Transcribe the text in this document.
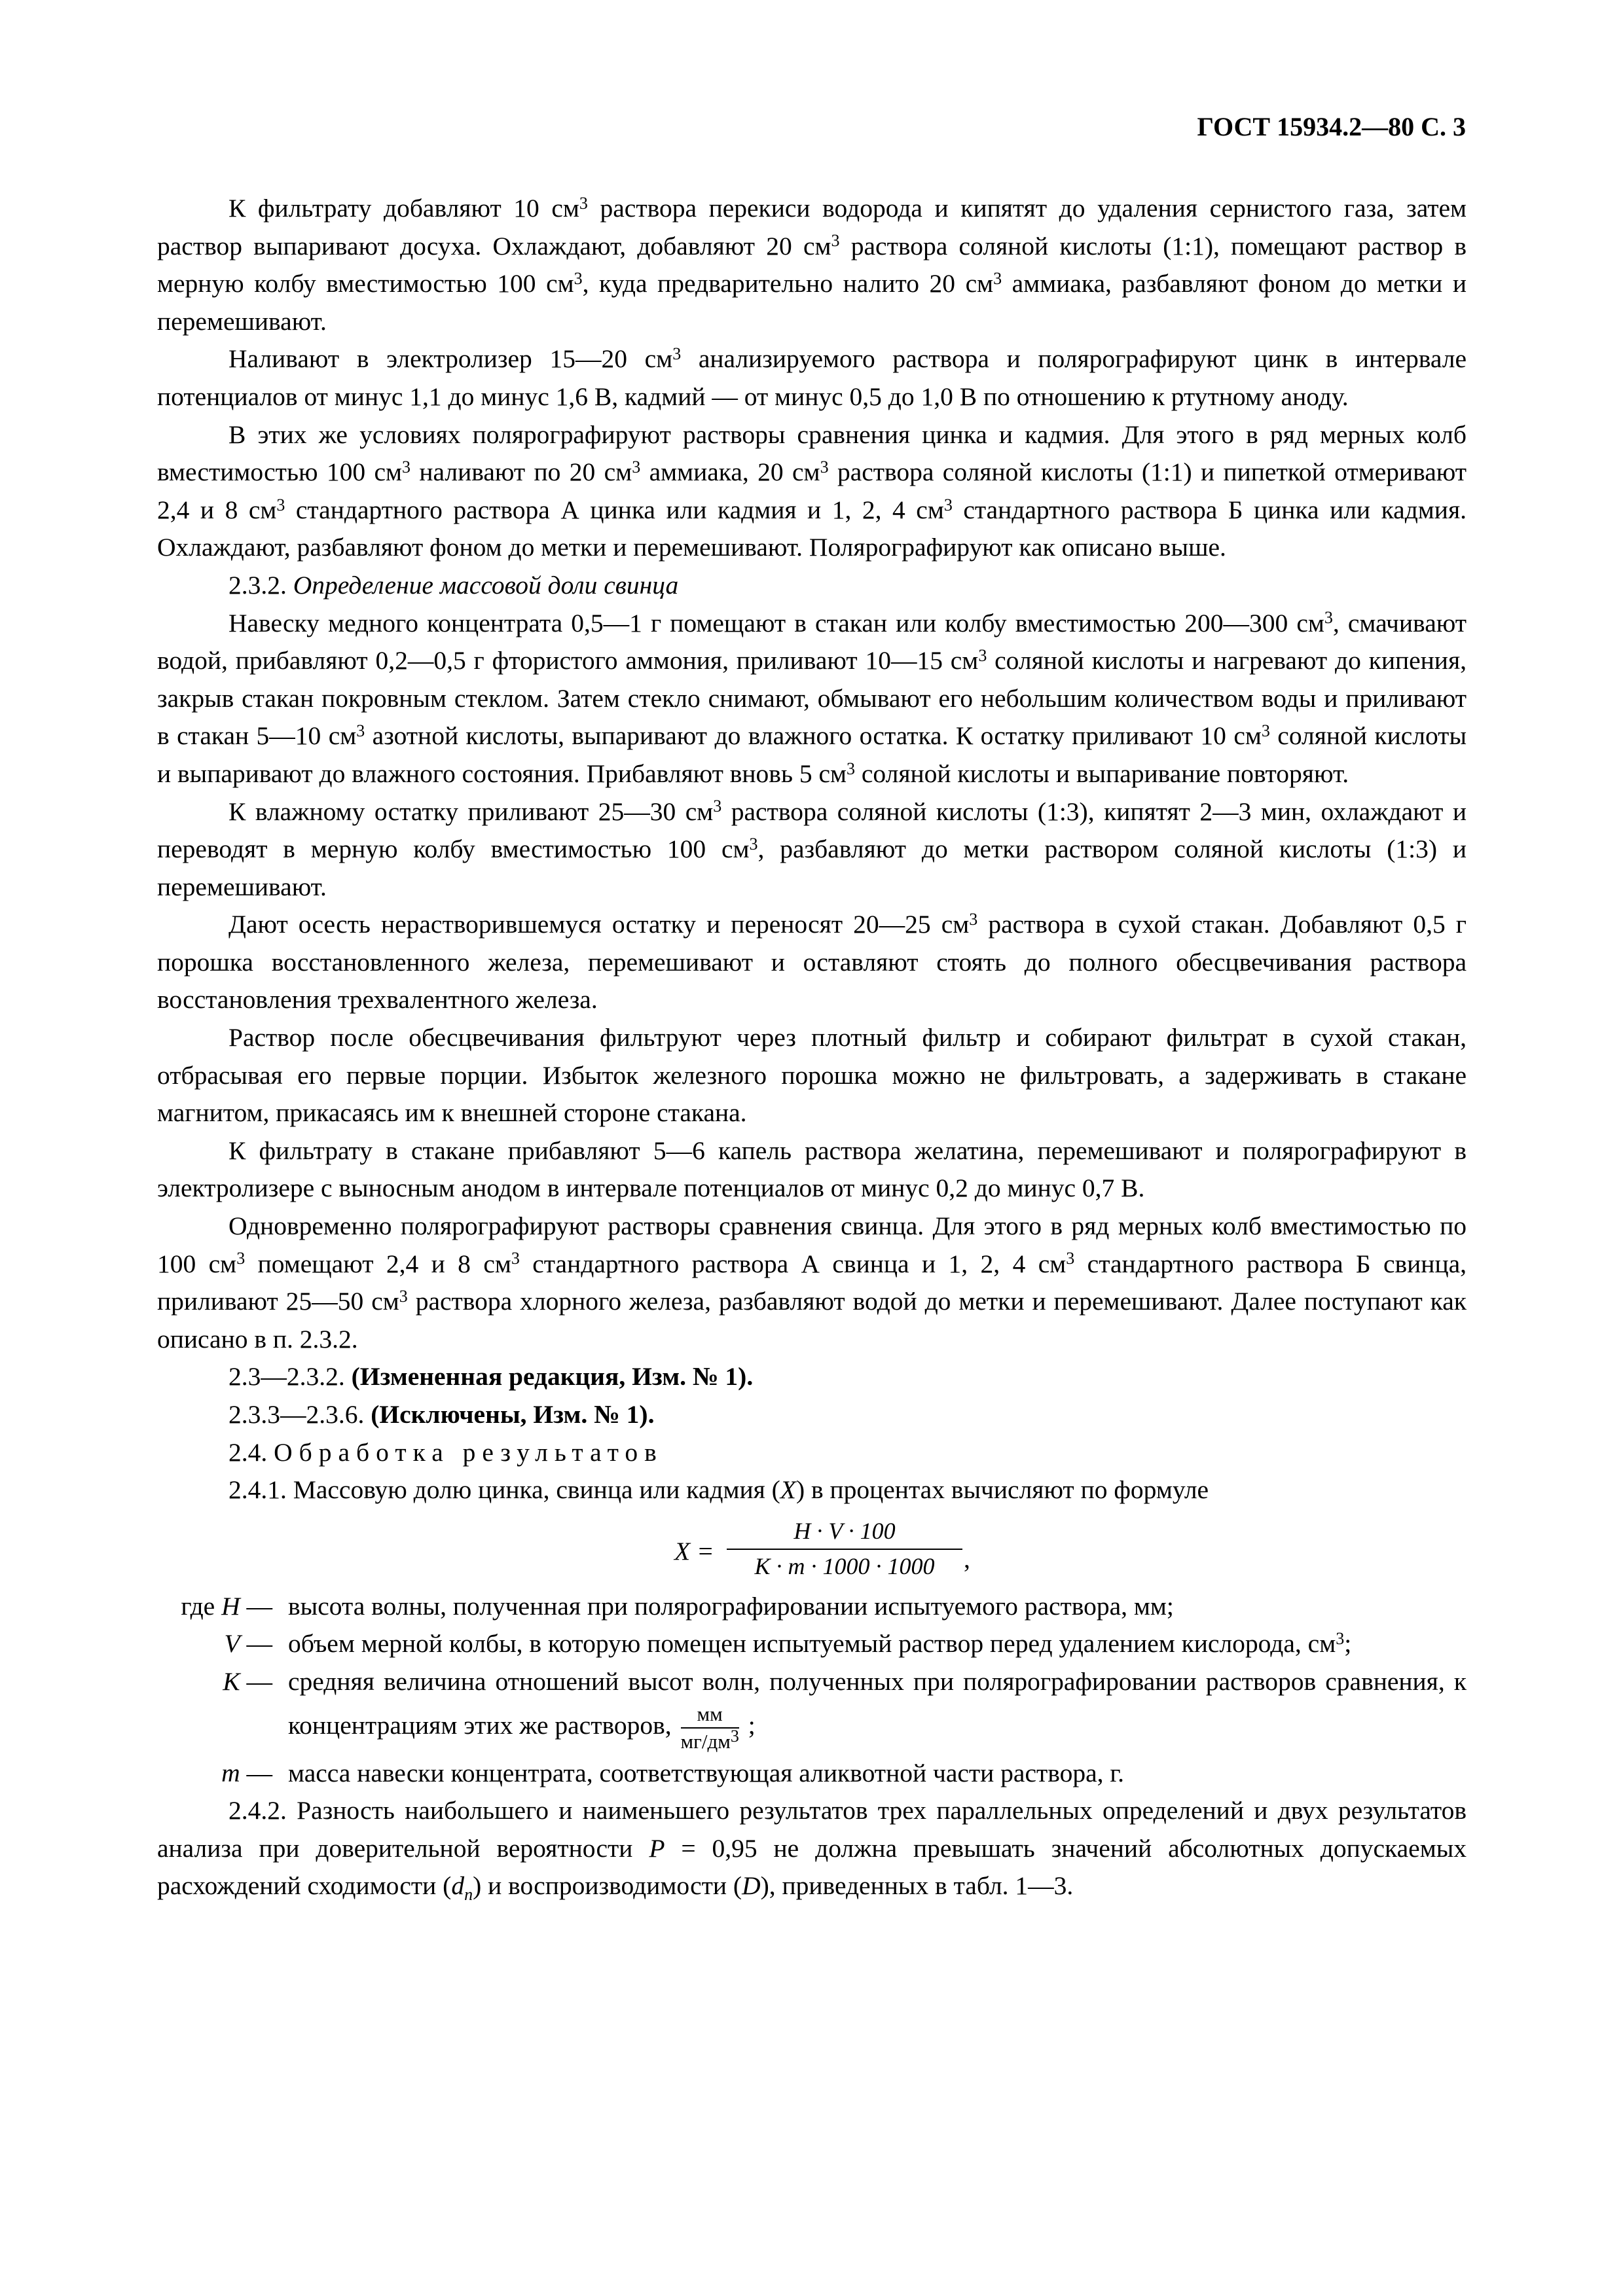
ГОСТ 15934.2—80 С. 3

К фильтрату добавляют 10 $см^3$ раствора перекиси водорода и кипятят до удаления сернистого газа, затем раствор выпаривают досуха. Охлаждают, добавляют 20 $см^3$ раствора соляной кислоты (1:1), помещают раствор в мерную колбу вместимостью 100 $см^3$, куда предварительно налито 20 $см^3$ аммиака, разбавляют фоном до метки и перемешивают.

Наливают в электролизер 15—20 $см^3$ анализируемого раствора и полярографируют цинк в интервале потенциалов от минус 1,1 до минус 1,6 В, кадмий — от минус 0,5 до 1,0 В по отношению к ртутному аноду.

В этих же условиях полярографируют растворы сравнения цинка и кадмия. Для этого в ряд мерных колб вместимостью 100 $см^3$ наливают по 20 $см^3$ аммиака, 20 $см^3$ раствора соляной кислоты (1:1) и пипеткой отмеривают 2,4 и 8 $см^3$ стандартного раствора А цинка или кадмия и 1, 2, 4 $см^3$ стандартного раствора Б цинка или кадмия. Охлаждают, разбавляют фоном до метки и перемешивают. Полярографируют как описано выше.

2.3.2. Определение массовой доли свинца

Навеску медного концентрата 0,5—1 г помещают в стакан или колбу вместимостью 200—300 $см^3$, смачивают водой, прибавляют 0,2—0,5 г фтористого аммония, приливают 10—15 $см^3$ соляной кислоты и нагревают до кипения, закрыв стакан покровным стеклом. Затем стекло снимают, обмывают его небольшим количеством воды и приливают в стакан 5—10 $см^3$ азотной кислоты, выпаривают до влажного остатка. К остатку приливают 10 $см^3$ соляной кислоты и выпаривают до влажного состояния. Прибавляют вновь 5 $см^3$ соляной кислоты и выпаривание повторяют.

К влажному остатку приливают 25—30 $см^3$ раствора соляной кислоты (1:3), кипятят 2—3 мин, охлаждают и переводят в мерную колбу вместимостью 100 $см^3$, разбавляют до метки раствором соляной кислоты (1:3) и перемешивают.

Дают осесть нерастворившемуся остатку и переносят 20—25 $см^3$ раствора в сухой стакан. Добавляют 0,5 г порошка восстановленного железа, перемешивают и оставляют стоять до полного обесцвечивания раствора восстановления трехвалентного железа.

Раствор после обесцвечивания фильтруют через плотный фильтр и собирают фильтрат в сухой стакан, отбрасывая его первые порции. Избыток железного порошка можно не фильтровать, а задерживать в стакане магнитом, прикасаясь им к внешней стороне стакана.

К фильтрату в стакане прибавляют 5—6 капель раствора желатина, перемешивают и полярографируют в электролизере с выносным анодом в интервале потенциалов от минус 0,2 до минус 0,7 В.

Одновременно полярографируют растворы сравнения свинца. Для этого в ряд мерных колб вместимостью по 100 $см^3$ помещают 2,4 и 8 $см^3$ стандартного раствора А свинца и 1, 2, 4 $см^3$ стандартного раствора Б свинца, приливают 25—50 $см^3$ раствора хлорного железа, разбавляют водой до метки и перемешивают. Далее поступают как описано в п. 2.3.2.

2.3—2.3.2. (Измененная редакция, Изм. № 1).

2.3.3—2.3.6. (Исключены, Изм. № 1).

2.4. Обработка результатов

2.4.1. Массовую долю цинка, свинца или кадмия (X) в процентах вычисляют по формуле

$X = \frac{H \cdot V \cdot 100}{K \cdot m \cdot 1000 \cdot 1000}$ ,
где H — высота волны, полученная при полярографировании испытуемого раствора, мм;
V — объем мерной колбы, в которую помещен испытуемый раствор перед удалением кислорода, $см^3$;
K — средняя величина отношений высот волн, полученных при полярографировании растворов сравнения, к концентрациям этих же растворов,	мм
$мг/дм^3$ ;
m — масса навески концентрата, соответствующая аликвотной части раствора, г.

2.4.2. Разность наибольшего и наименьшего результатов трех параллельных определений и двух результатов анализа при доверительной вероятности P = 0,95 не должна превышать значений абсолютных допускаемых расхождений сходимости $(d_n)$ и воспроизводимости (D), приведенных в табл. 1—3.
